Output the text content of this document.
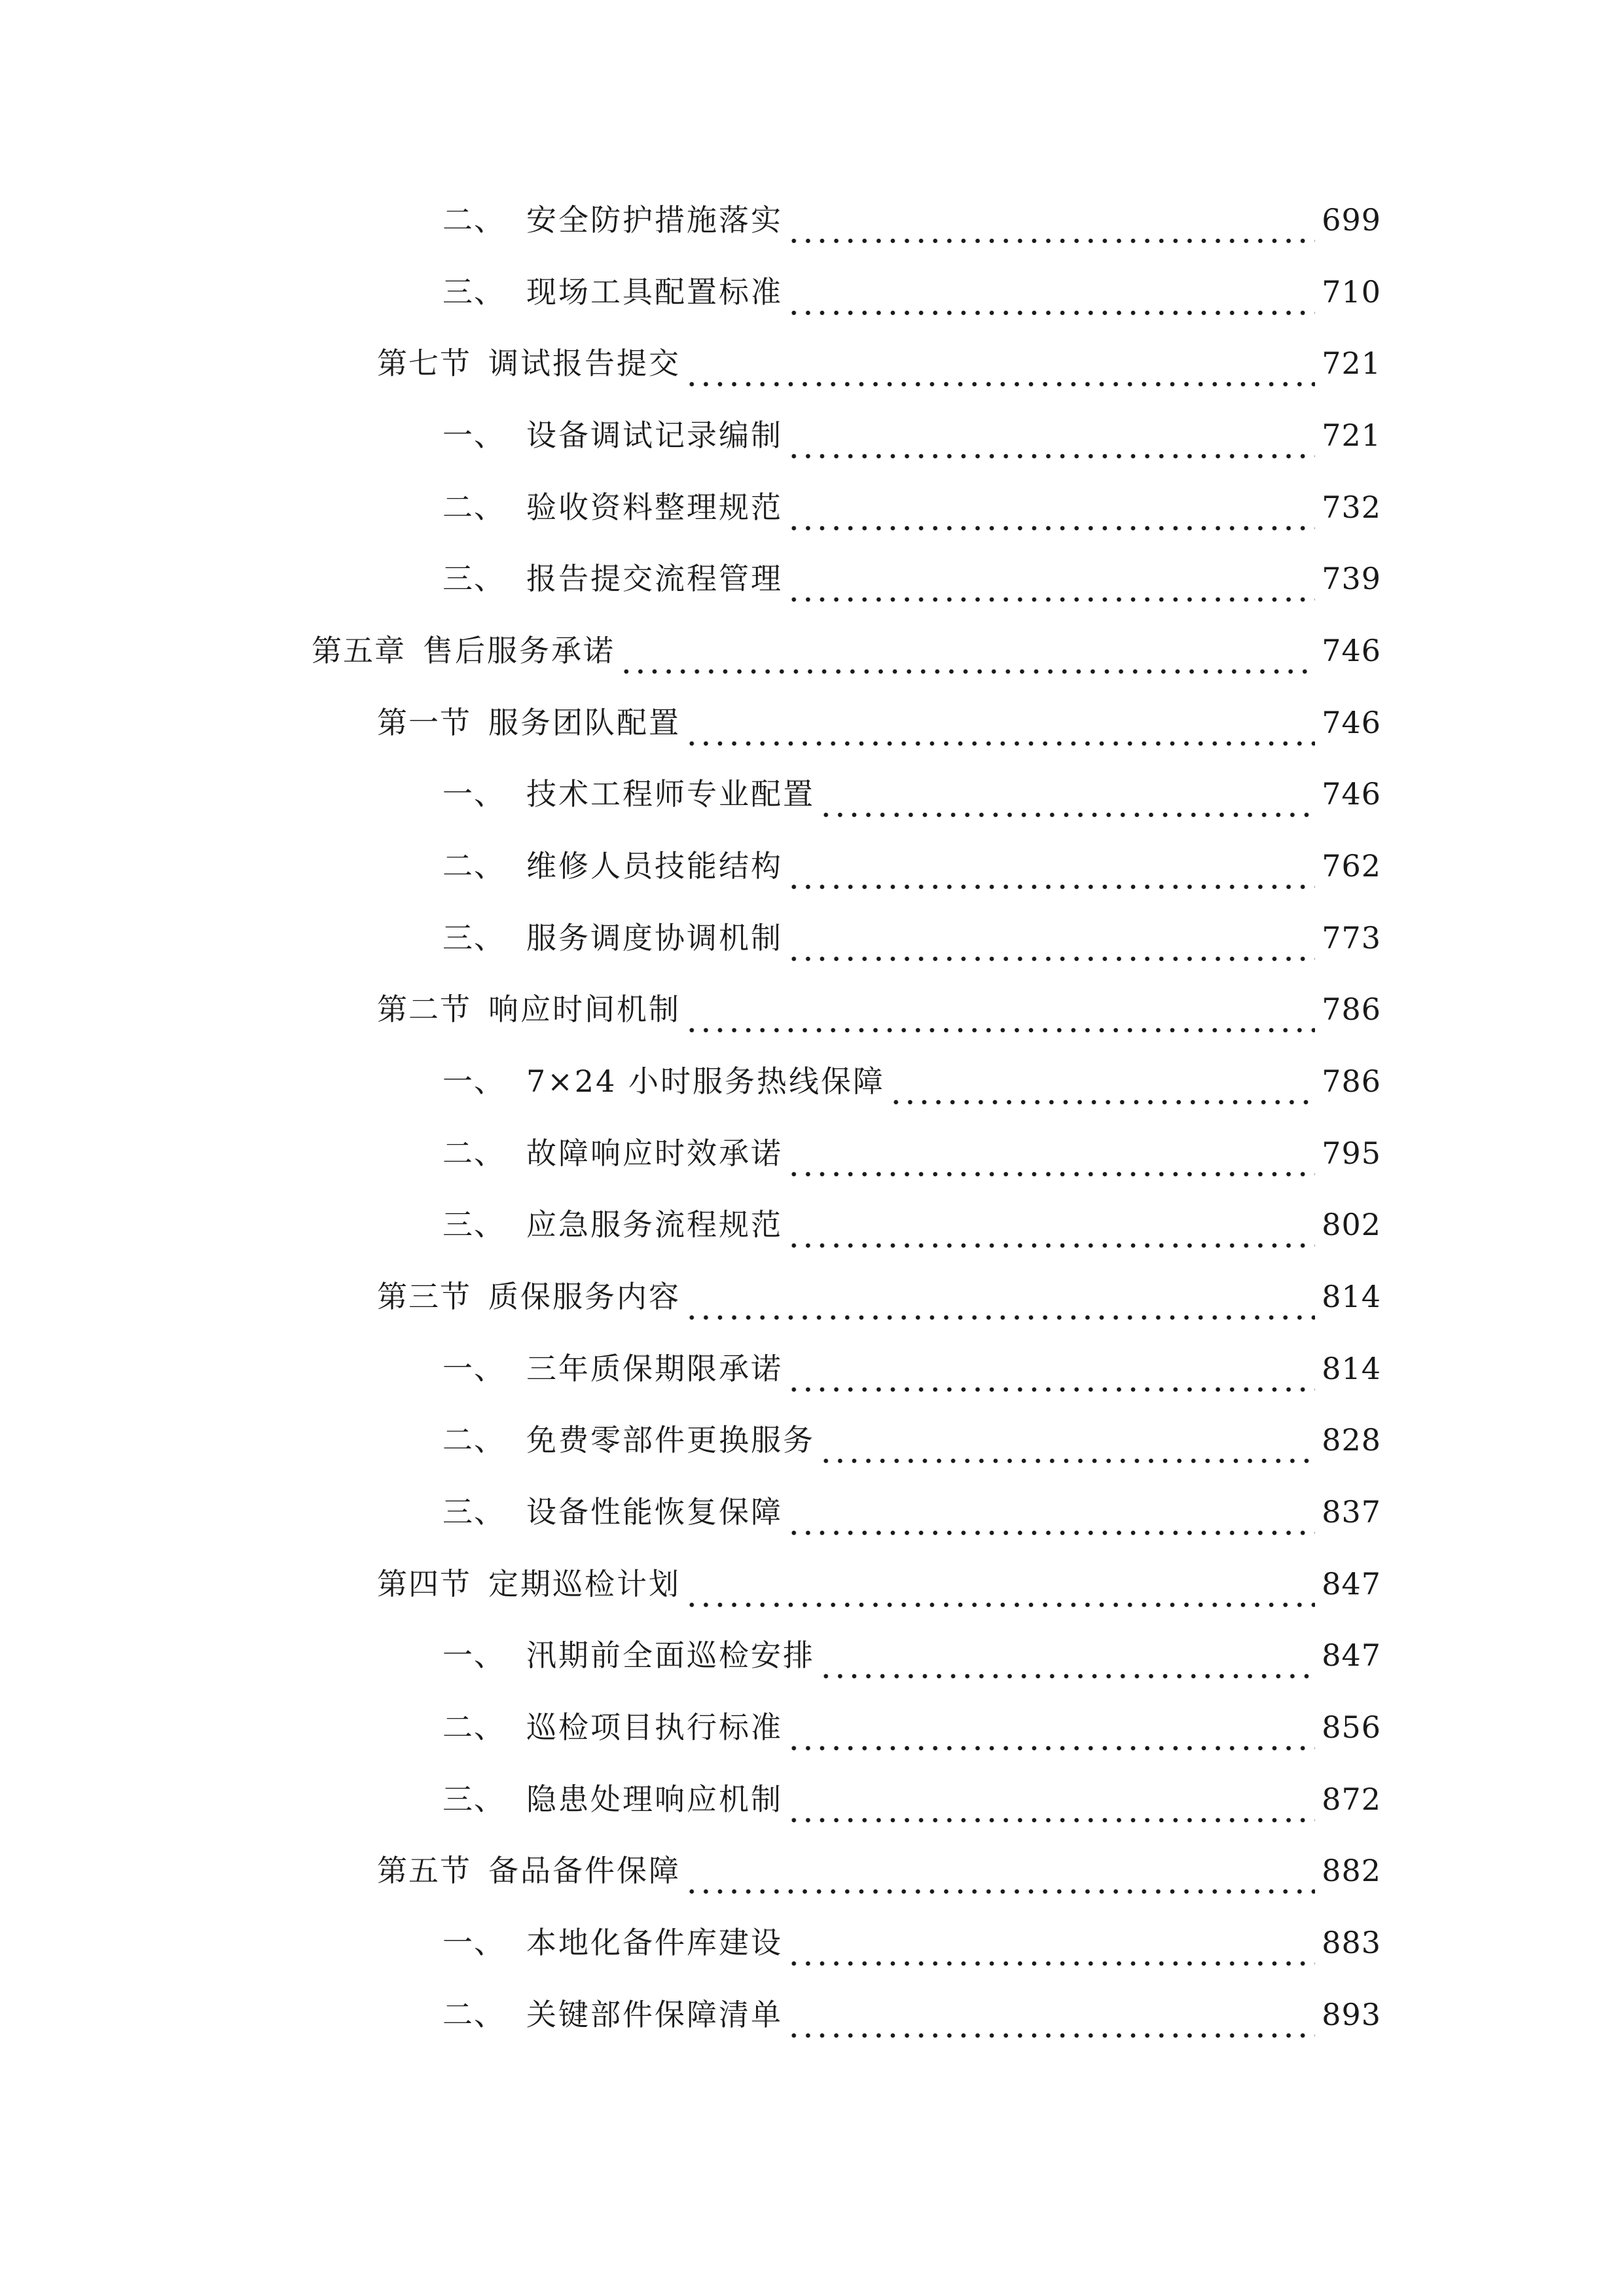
二、 安全防护措施落实	699
三、 现场工具配置标准	710
第七节 调试报告提交	721
一、 设备调试记录编制	721
二、 验收资料整理规范	732
三、 报告提交流程管理	739
第五章 售后服务承诺	746
第一节 服务团队配置	746
一、 技术工程师专业配置	746
二、 维修人员技能结构	762
三、 服务调度协调机制	773
第二节 响应时间机制	786
一、 7×24 小时服务热线保障	786
二、 故障响应时效承诺	795
三、 应急服务流程规范	802
第三节 质保服务内容	814
一、 三年质保期限承诺	814
二、 免费零部件更换服务	828
三、 设备性能恢复保障	837
第四节 定期巡检计划	847
一、 汛期前全面巡检安排	847
二、 巡检项目执行标准	856
三、 隐患处理响应机制	872
第五节 备品备件保障	882
一、 本地化备件库建设	883
二、 关键部件保障清单	893
